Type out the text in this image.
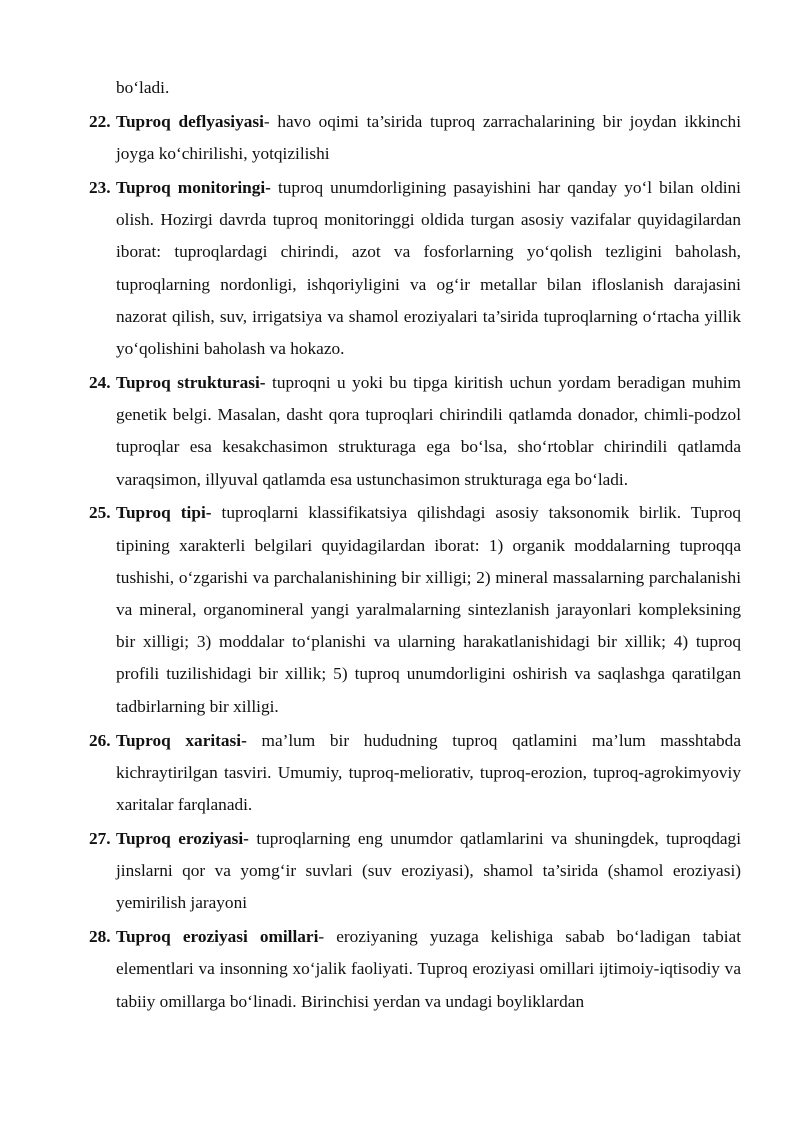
bo‘ladi.
22. Tuproq deflyasiyasi- havo oqimi ta’sirida tuproq zarrachalarining bir joydan ikkinchi joyga ko‘chirilishi, yotqizilishi
23. Tuproq monitoringi- tuproq unumdorligining pasayishini har qanday yo‘l bilan oldini olish. Hozirgi davrda tuproq monitoringgi oldida turgan asosiy vazifalar quyidagilardan iborat: tuproqlardagi chirindi, azot va fosforlarning yo‘qolish tezligini baholash, tuproqlarning nordonligi, ishqoriyligini va og‘ir metallar bilan ifloslanish darajasini nazorat qilish, suv, irrigatsiya va shamol eroziyalari ta’sirida tuproqlarning o‘rtacha yillik yo‘qolishini baholash va hokazo.
24. Tuproq strukturasi- tuproqni u yoki bu tipga kiritish uchun yordam beradigan muhim genetik belgi. Masalan, dasht qora tuproqlari chirindili qatlamda donador, chimli-podzol tuproqlar esa kesakchasimon strukturaga ega bo‘lsa, sho‘rtoblar chirindili qatlamda varaqsimon, illyuval qatlamda esa ustunchasimon strukturaga ega bo‘ladi.
25. Tuproq tipi- tuproqlarni klassifikatsiya qilishdagi asosiy taksonomik birlik. Tuproq tipining xarakterli belgilari quyidagilardan iborat: 1) organik moddalarning tuproqqa tushishi, o‘zgarishi va parchalanishining bir xilligi; 2) mineral massalarning parchalanishi va mineral, organomineral yangi yaralmalarning sintezlanish jarayonlari kompleksining bir xilligi; 3) moddalar to‘planishi va ularning harakatlanishidagi bir xillik; 4) tuproq profili tuzilishidagi bir xillik; 5) tuproq unumdorligini oshirish va saqlashga qaratilgan tadbirlarning bir xilligi.
26. Tuproq xaritasi- ma’lum bir hududning tuproq qatlamini ma’lum masshtabda kichraytirilgan tasviri. Umumiy, tuproq-meliorativ, tuproq-erozion, tuproq-agrokimyoviy xaritalar farqlanadi.
27. Tuproq eroziyasi- tuproqlarning eng unumdor qatlamlarini va shuningdek, tuproqdagi jinslarni qor va yomg‘ir suvlari (suv eroziyasi), shamol ta’sirida (shamol eroziyasi) yemirilish jarayoni
28. Tuproq eroziyasi omillari- eroziyaning yuzaga kelishiga sabab bo‘ladigan tabiat elementlari va insonning xo‘jalik faoliyati. Tuproq eroziyasi omillari ijtimoiy-iqtisodiy va tabiiy omillarga bo‘linadi. Birinchisi yerdan va undagi boyliklardan
